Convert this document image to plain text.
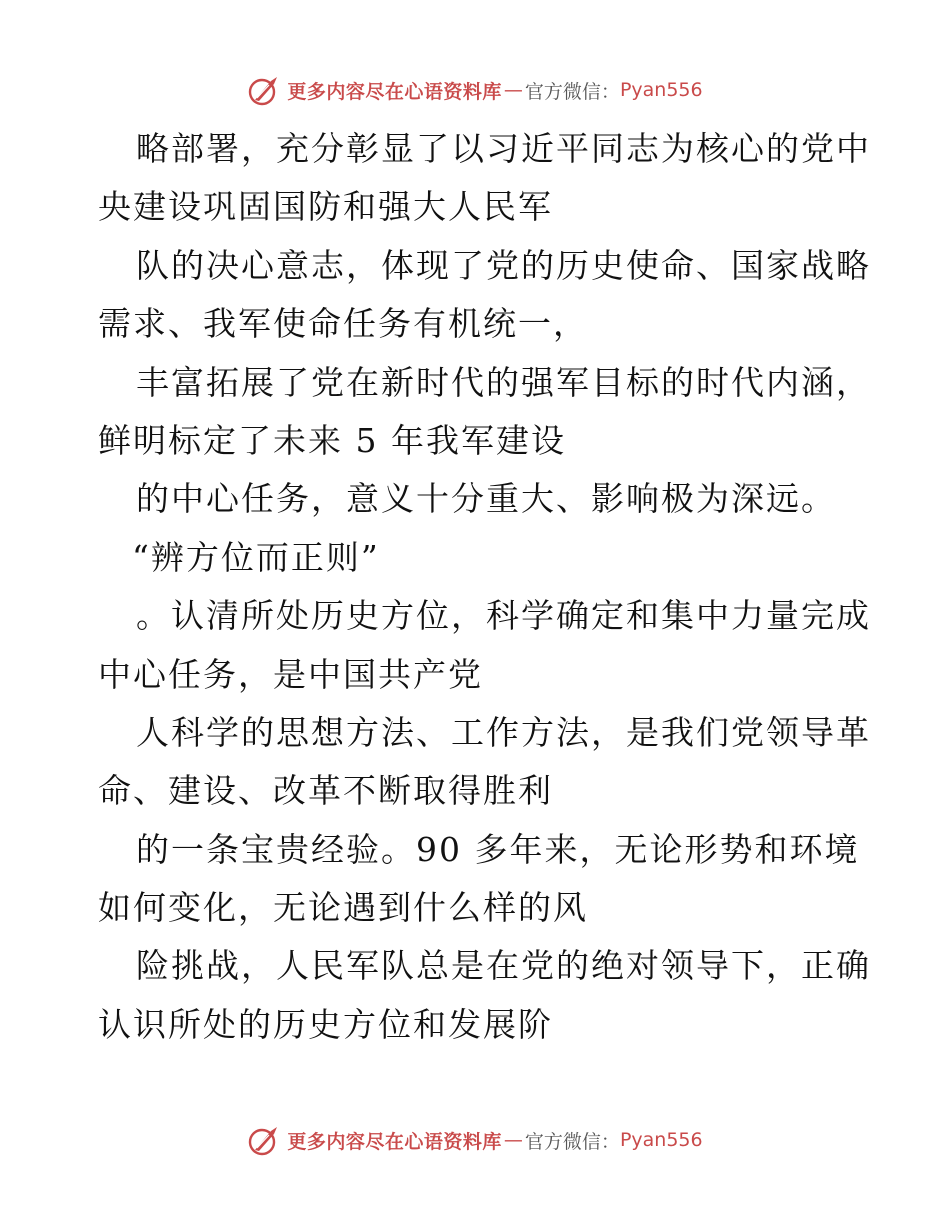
更多内容尽在心语资料库 — 官方微信： Pyan556
略部署，充分彰显了以习近平同志为核心的党中
央建设巩固国防和强大人民军
队的决心意志，体现了党的历史使命、国家战略
需求、我军使命任务有机统一，
丰富拓展了党在新时代的强军目标的时代内涵，
鲜明标定了未来 5 年我军建设
的中心任务，意义十分重大、影响极为深远。
“辨方位而正则”
。认清所处历史方位，科学确定和集中力量完成
中心任务，是中国共产党
人科学的思想方法、工作方法，是我们党领导革
命、建设、改革不断取得胜利
的一条宝贵经验。90 多年来，无论形势和环境
如何变化，无论遇到什么样的风
险挑战，人民军队总是在党的绝对领导下，正确
认识所处的历史方位和发展阶
更多内容尽在心语资料库 — 官方微信： Pyan556
